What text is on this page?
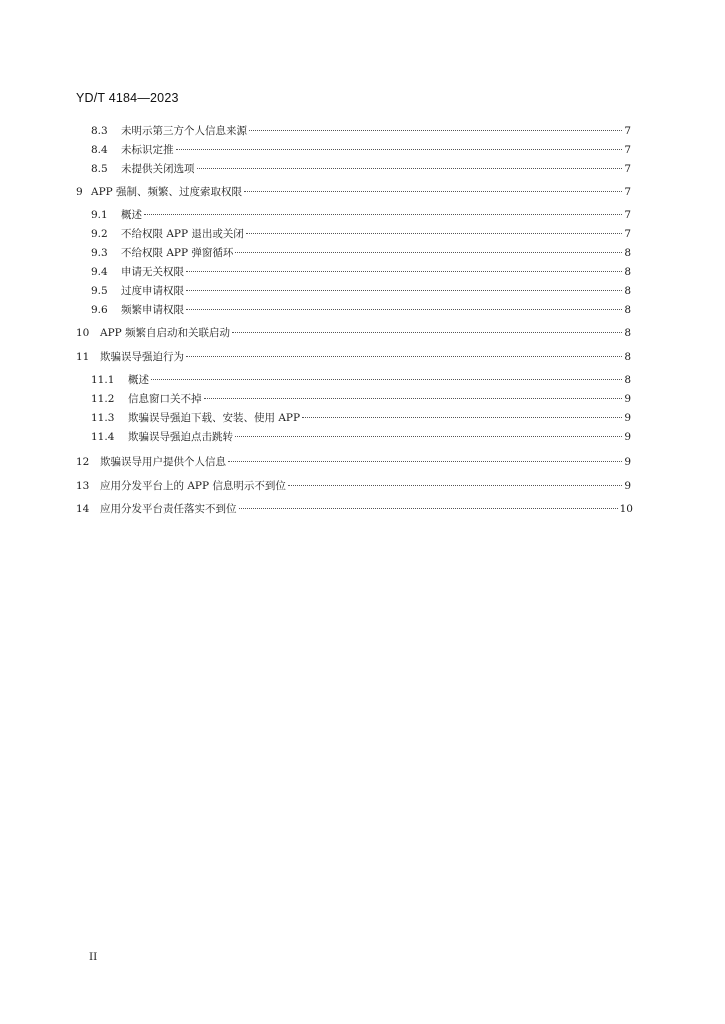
YD/T 4184—2023
8.3	未明示第三方个人信息来源	7
8.4	未标识定推	7
8.5	未提供关闭选项	7
9 APP 强制、频繁、过度索取权限	7
9.1	概述	7
9.2	不给权限 APP 退出或关闭	7
9.3	不给权限 APP 弹窗循环	8
9.4	申请无关权限	8
9.5	过度申请权限	8
9.6	频繁申请权限	8
10	APP 频繁自启动和关联启动	8
11	欺骗误导强迫行为	8
11.1	概述	8
11.2	信息窗口关不掉	9
11.3	欺骗误导强迫下载、安装、使用 APP	9
11.4	欺骗误导强迫点击跳转	9
12	欺骗误导用户提供个人信息	9
13	应用分发平台上的 APP 信息明示不到位	9
14	应用分发平台责任落实不到位	10
II
